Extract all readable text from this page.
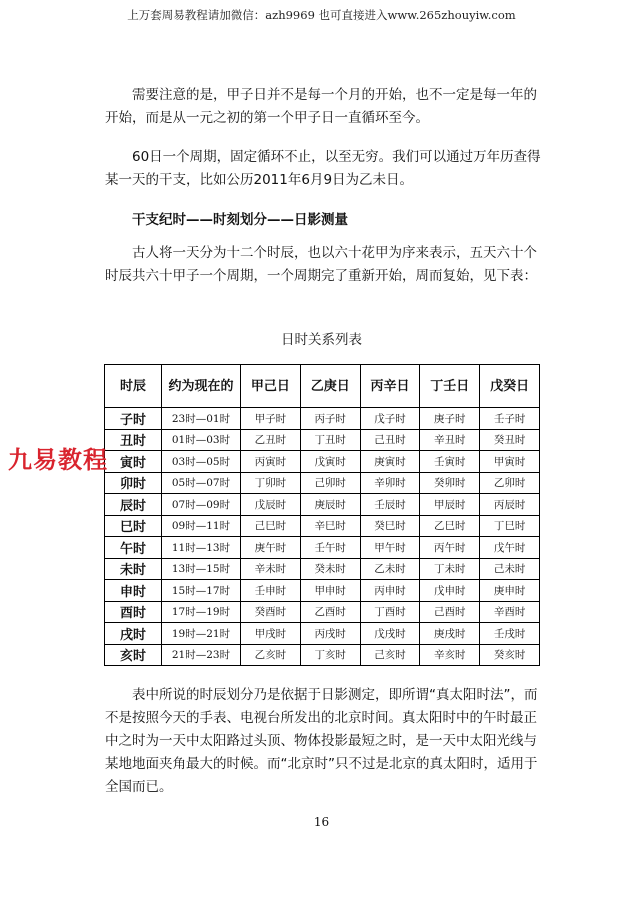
上万套周易教程请加微信：azh9969 也可直接进入www.265zhouyiw.com

需要注意的是，甲子日并不是每一个月的开始，也不一定是每一年的开始，而是从一元之初的第一个甲子日一直循环至今。

60日一个周期，固定循环不止，以至无穷。我们可以通过万年历查得某一天的干支，比如公历2011年6月9日为乙未日。

干支纪时——时刻划分——日影测量

古人将一天分为十二个时辰，也以六十花甲为序来表示，五天六十个时辰共六十甲子一个周期，一个周期完了重新开始，周而复始，见下表：

日时关系列表
时辰	约为现在的	甲己日	乙庚日	丙辛日	丁壬日	戊癸日
子时	23时—01时	甲子时	丙子时	戊子时	庚子时	壬子时
丑时	01时—03时	乙丑时	丁丑时	己丑时	辛丑时	癸丑时
寅时	03时—05时	丙寅时	戊寅时	庚寅时	壬寅时	甲寅时
卯时	05时—07时	丁卯时	己卯时	辛卯时	癸卯时	乙卯时
辰时	07时—09时	戊辰时	庚辰时	壬辰时	甲辰时	丙辰时
巳时	09时—11时	己巳时	辛巳时	癸巳时	乙巳时	丁巳时
午时	11时—13时	庚午时	壬午时	甲午时	丙午时	戊午时
未时	13时—15时	辛未时	癸未时	乙未时	丁未时	己未时
申时	15时—17时	壬申时	甲申时	丙申时	戊申时	庚申时
酉时	17时—19时	癸酉时	乙酉时	丁酉时	己酉时	辛酉时
戌时	19时—21时	甲戌时	丙戌时	戊戌时	庚戌时	壬戌时
亥时	21时—23时	乙亥时	丁亥时	己亥时	辛亥时	癸亥时
九易教程

表中所说的时辰划分乃是依据于日影测定，即所谓“真太阳时法”，而不是按照今天的手表、电视台所发出的北京时间。真太阳时中的午时最正中之时为一天中太阳路过头顶、物体投影最短之时，是一天中太阳光线与某地地面夹角最大的时候。而“北京时”只不过是北京的真太阳时，适用于全国而已。

16
